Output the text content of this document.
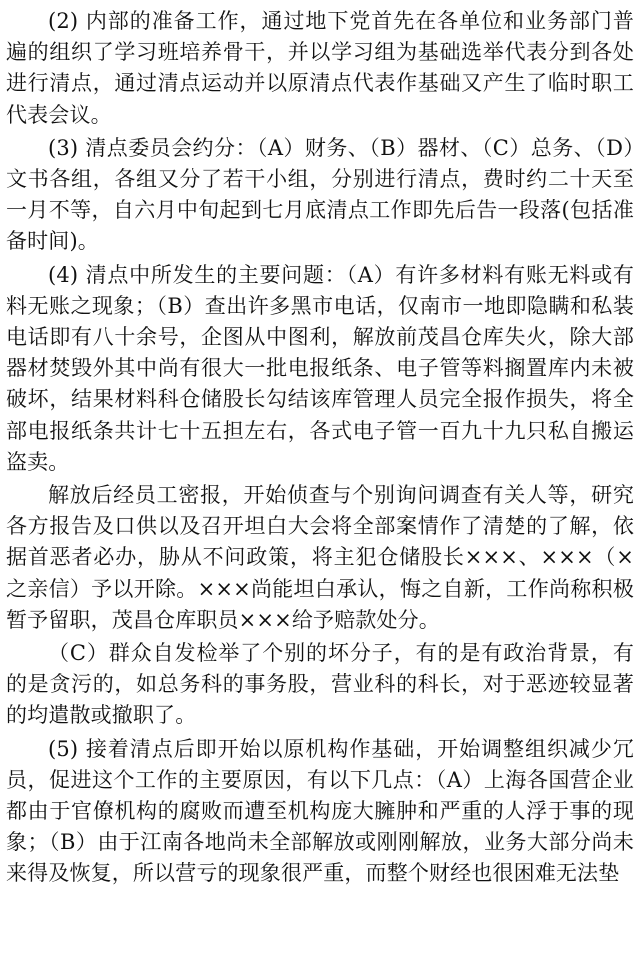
(2) 内部的准备工作，通过地下党首先在各单位和业务部门普遍的组织了学习班培养骨干，并以学习组为基础选举代表分到各处进行清点，通过清点运动并以原清点代表作基础又产生了临时职工代表会议。

(3) 清点委员会约分：（A）财务、（B）器材、（C）总务、（D）文书各组，各组又分了若干小组，分别进行清点，费时约二十天至一月不等，自六月中旬起到七月底清点工作即先后告一段落(包括准备时间)。

(4) 清点中所发生的主要问题：（A）有许多材料有账无料或有料无账之现象；（B）查出许多黑市电话，仅南市一地即隐瞒和私装电话即有八十余号，企图从中图利，解放前茂昌仓库失火，除大部器材焚毁外其中尚有很大一批电报纸条、电子管等料搁置库内未被破坏，结果材料科仓储股长勾结该库管理人员完全报作损失，将全部电报纸条共计七十五担左右，各式电子管一百九十九只私自搬运盗卖。

解放后经员工密报，开始侦查与个别询问调查有关人等，研究各方报告及口供以及召开坦白大会将全部案情作了清楚的了解，依据首恶者必办，胁从不问政策，将主犯仓储股长×××、×××（×之亲信）予以开除。×××尚能坦白承认，悔之自新，工作尚称积极暂予留职，茂昌仓库职员×××给予赔款处分。

（C）群众自发检举了个别的坏分子，有的是有政治背景，有的是贪污的，如总务科的事务股，营业科的科长，对于恶迹较显著的均遣散或撤职了。

(5) 接着清点后即开始以原机构作基础，开始调整组织减少冗员，促进这个工作的主要原因，有以下几点：（A）上海各国营企业都由于官僚机构的腐败而遭至机构庞大臃肿和严重的人浮于事的现象；（B）由于江南各地尚未全部解放或刚刚解放，业务大部分尚未来得及恢复，所以营亏的现象很严重，而整个财经也很困难无法垫
